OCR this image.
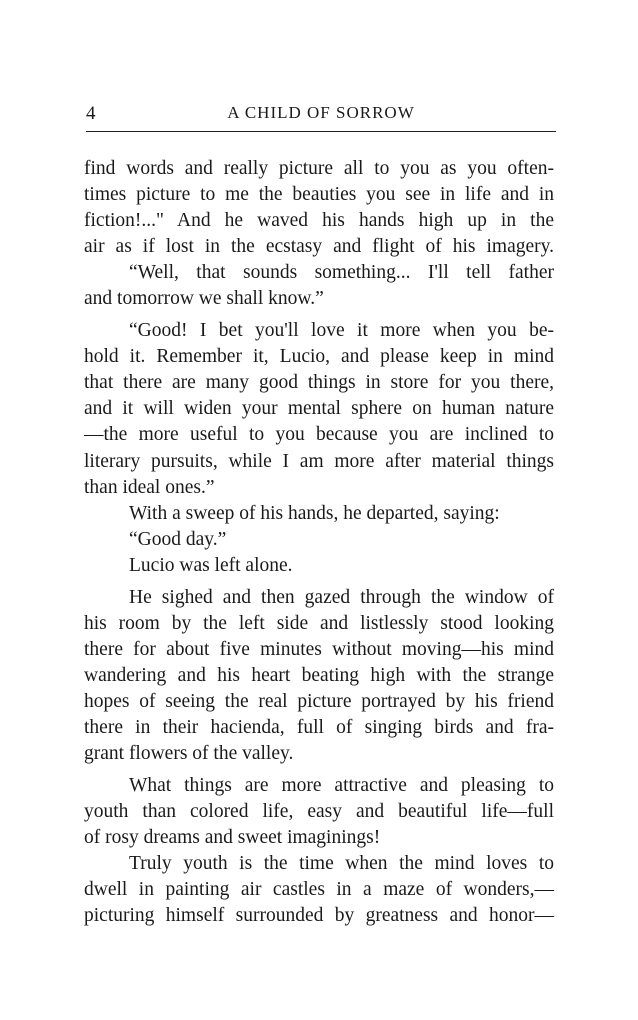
4	A CHILD OF SORROW
find words and really picture all to you as you often-
times picture to me the beauties you see in life and in
fiction!..." And he waved his hands high up in the
air as if lost in the ecstasy and flight of his imagery.
“Well, that sounds something... I'll tell father
and tomorrow we shall know.”
“Good! I bet you'll love it more when you be-
hold it. Remember it, Lucio, and please keep in mind
that there are many good things in store for you there,
and it will widen your mental sphere on human nature
—the more useful to you because you are inclined to
literary pursuits, while I am more after material things
than ideal ones.”
With a sweep of his hands, he departed, saying:
“Good day.”
Lucio was left alone.
He sighed and then gazed through the window of
his room by the left side and listlessly stood looking
there for about five minutes without moving—his mind
wandering and his heart beating high with the strange
hopes of seeing the real picture portrayed by his friend
there in their hacienda, full of singing birds and fra-
grant flowers of the valley.
What things are more attractive and pleasing to
youth than colored life, easy and beautiful life—full
of rosy dreams and sweet imaginings!
Truly youth is the time when the mind loves to
dwell in painting air castles in a maze of wonders,—
picturing himself surrounded by greatness and honor—
